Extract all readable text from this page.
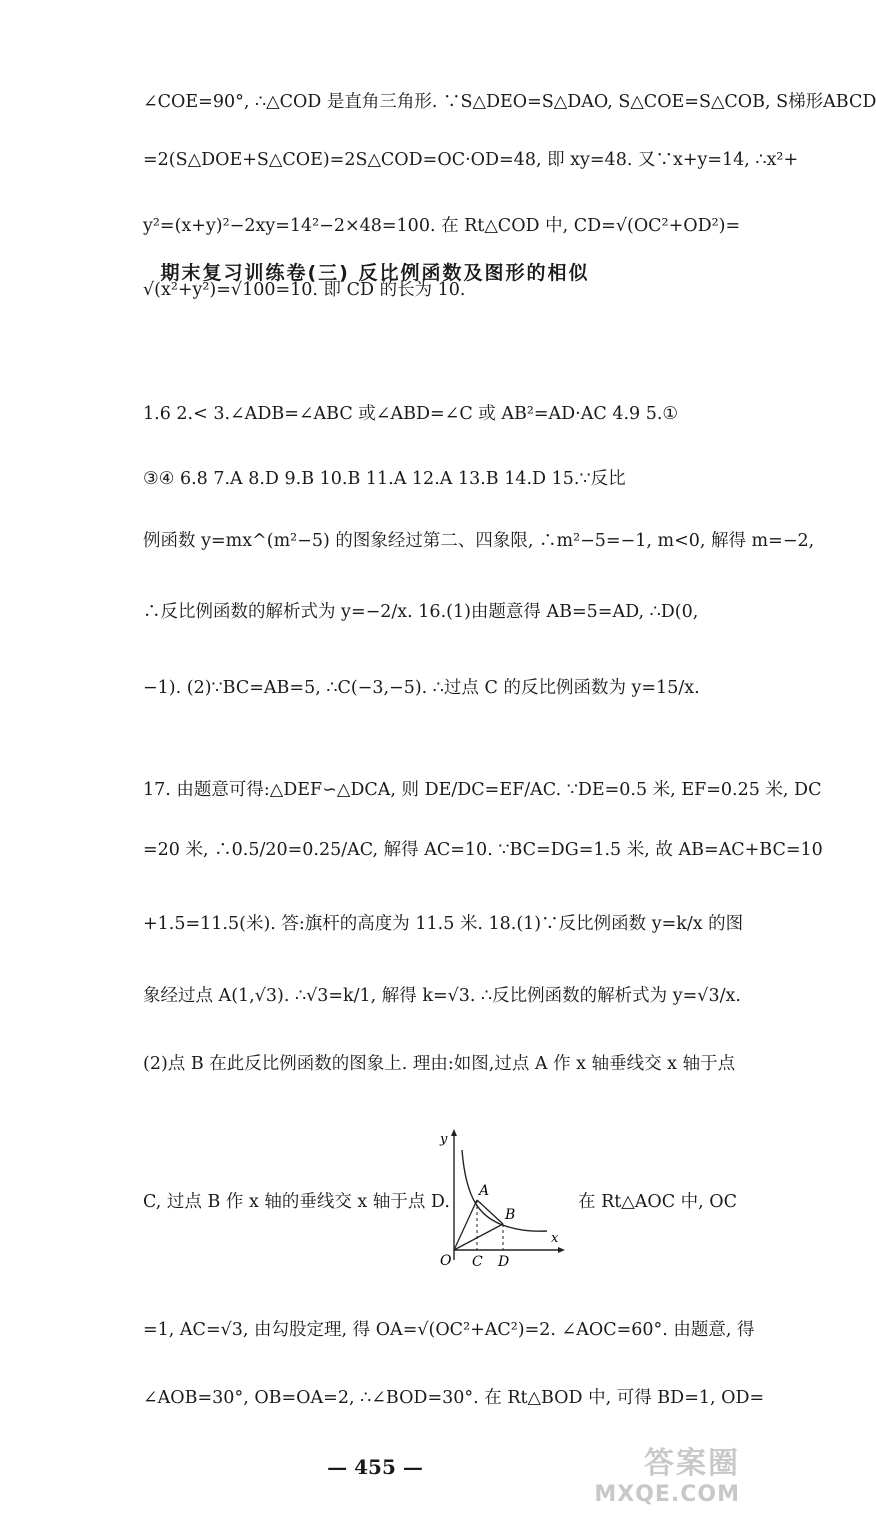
∠COE=90°, ∴△COD 是直角三角形. ∵S△DEO=S△DAO, S△COE=S△COB, S梯形ABCD
=2(S△DOE+S△COE)=2S△COD=OC·OD=48, 即 xy=48. 又∵x+y=14, ∴x²+
y²=(x+y)²−2xy=14²−2×48=100. 在 Rt△COD 中, CD=√(OC²+OD²)=
√(x²+y²)=√100=10. 即 CD 的长为 10.
期末复习训练卷(三) 反比例函数及图形的相似
1.6 2.< 3.∠ADB=∠ABC 或∠ABD=∠C 或 AB²=AD·AC 4.9 5.①
③④ 6.8 7.A 8.D 9.B 10.B 11.A 12.A 13.B 14.D 15.∵反比
例函数 y=mx^(m²−5) 的图象经过第二、四象限, ∴m²−5=−1, m<0, 解得 m=−2,
∴反比例函数的解析式为 y=−2/x. 16.(1)由题意得 AB=5=AD, ∴D(0,
−1). (2)∵BC=AB=5, ∴C(−3,−5). ∴过点 C 的反比例函数为 y=15/x.
17. 由题意可得:△DEF∽△DCA, 则 DE/DC=EF/AC. ∵DE=0.5 米, EF=0.25 米, DC
=20 米, ∴0.5/20=0.25/AC, 解得 AC=10. ∵BC=DG=1.5 米, 故 AB=AC+BC=10
+1.5=11.5(米). 答:旗杆的高度为 11.5 米. 18.(1)∵反比例函数 y=k/x 的图
象经过点 A(1,√3). ∴√3=k/1, 解得 k=√3. ∴反比例函数的解析式为 y=√3/x.
(2)点 B 在此反比例函数的图象上. 理由:如图,过点 A 作 x 轴垂线交 x 轴于点
C, 过点 B 作 x 轴的垂线交 x 轴于点 D.	在 Rt△AOC 中, OC
y
x
O
A
B
C D
=1, AC=√3, 由勾股定理, 得 OA=√(OC²+AC²)=2. ∠AOC=60°. 由题意, 得
∠AOB=30°, OB=OA=2, ∴∠BOD=30°. 在 Rt△BOD 中, 可得 BD=1, OD=
— 455 —	答案圈
MXQE.COM
